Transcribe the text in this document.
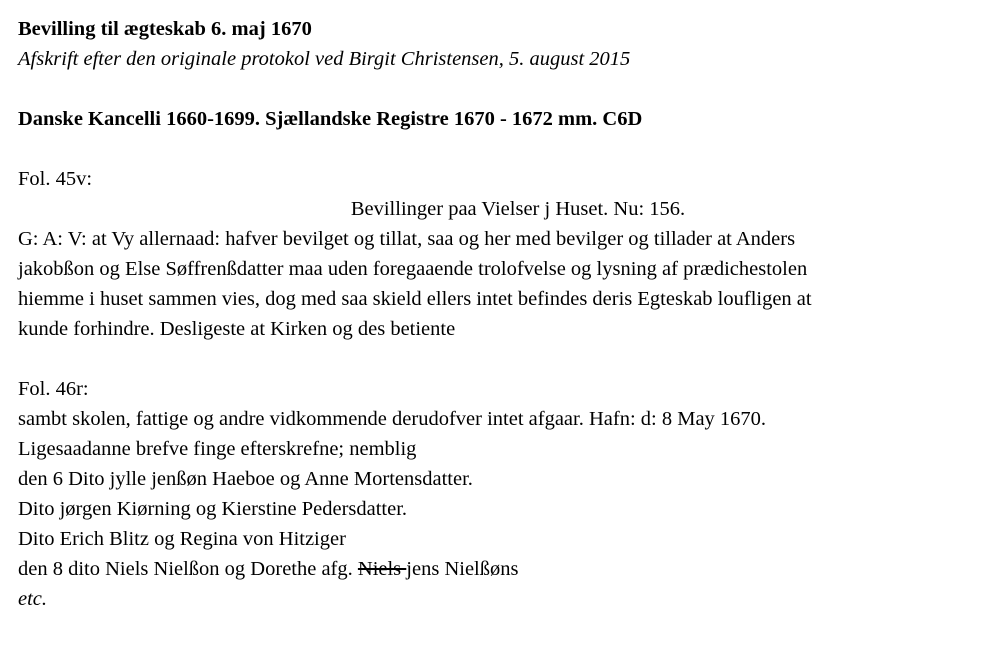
Bevilling til ægteskab 6. maj 1670
Afskrift efter den originale protokol ved Birgit Christensen, 5. august 2015
Danske Kancelli 1660-1699. Sjællandske Registre 1670 - 1672 mm. C6D
Fol. 45v:
Bevillinger paa Vielser j Huset. Nu: 156.
G: A: V: at Vy allernaad: hafver bevilget og tillat, saa og her med bevilger og tillader at Anders
jakobßon og Else Søffrenßdatter maa uden foregaaende trolofvelse og lysning af prædichestolen
hiemme i huset sammen vies, dog med saa skield ellers intet befindes deris Egteskab loufligen at
kunde forhindre. Desligeste at Kirken og des betiente
Fol. 46r:
sambt skolen, fattige og andre vidkommende derudofver intet afgaar. Hafn: d: 8 May 1670.
Ligesaadanne brefve finge efterskrefne; nemblig
den 6 Dito jylle jenßøn Haeboe og Anne Mortensdatter.
Dito jørgen Kiørning og Kierstine Pedersdatter.
Dito Erich Blitz og Regina von Hitziger
den 8 dito Niels Nielßon og Dorethe afg. Niels jens Nielßøns
etc.
